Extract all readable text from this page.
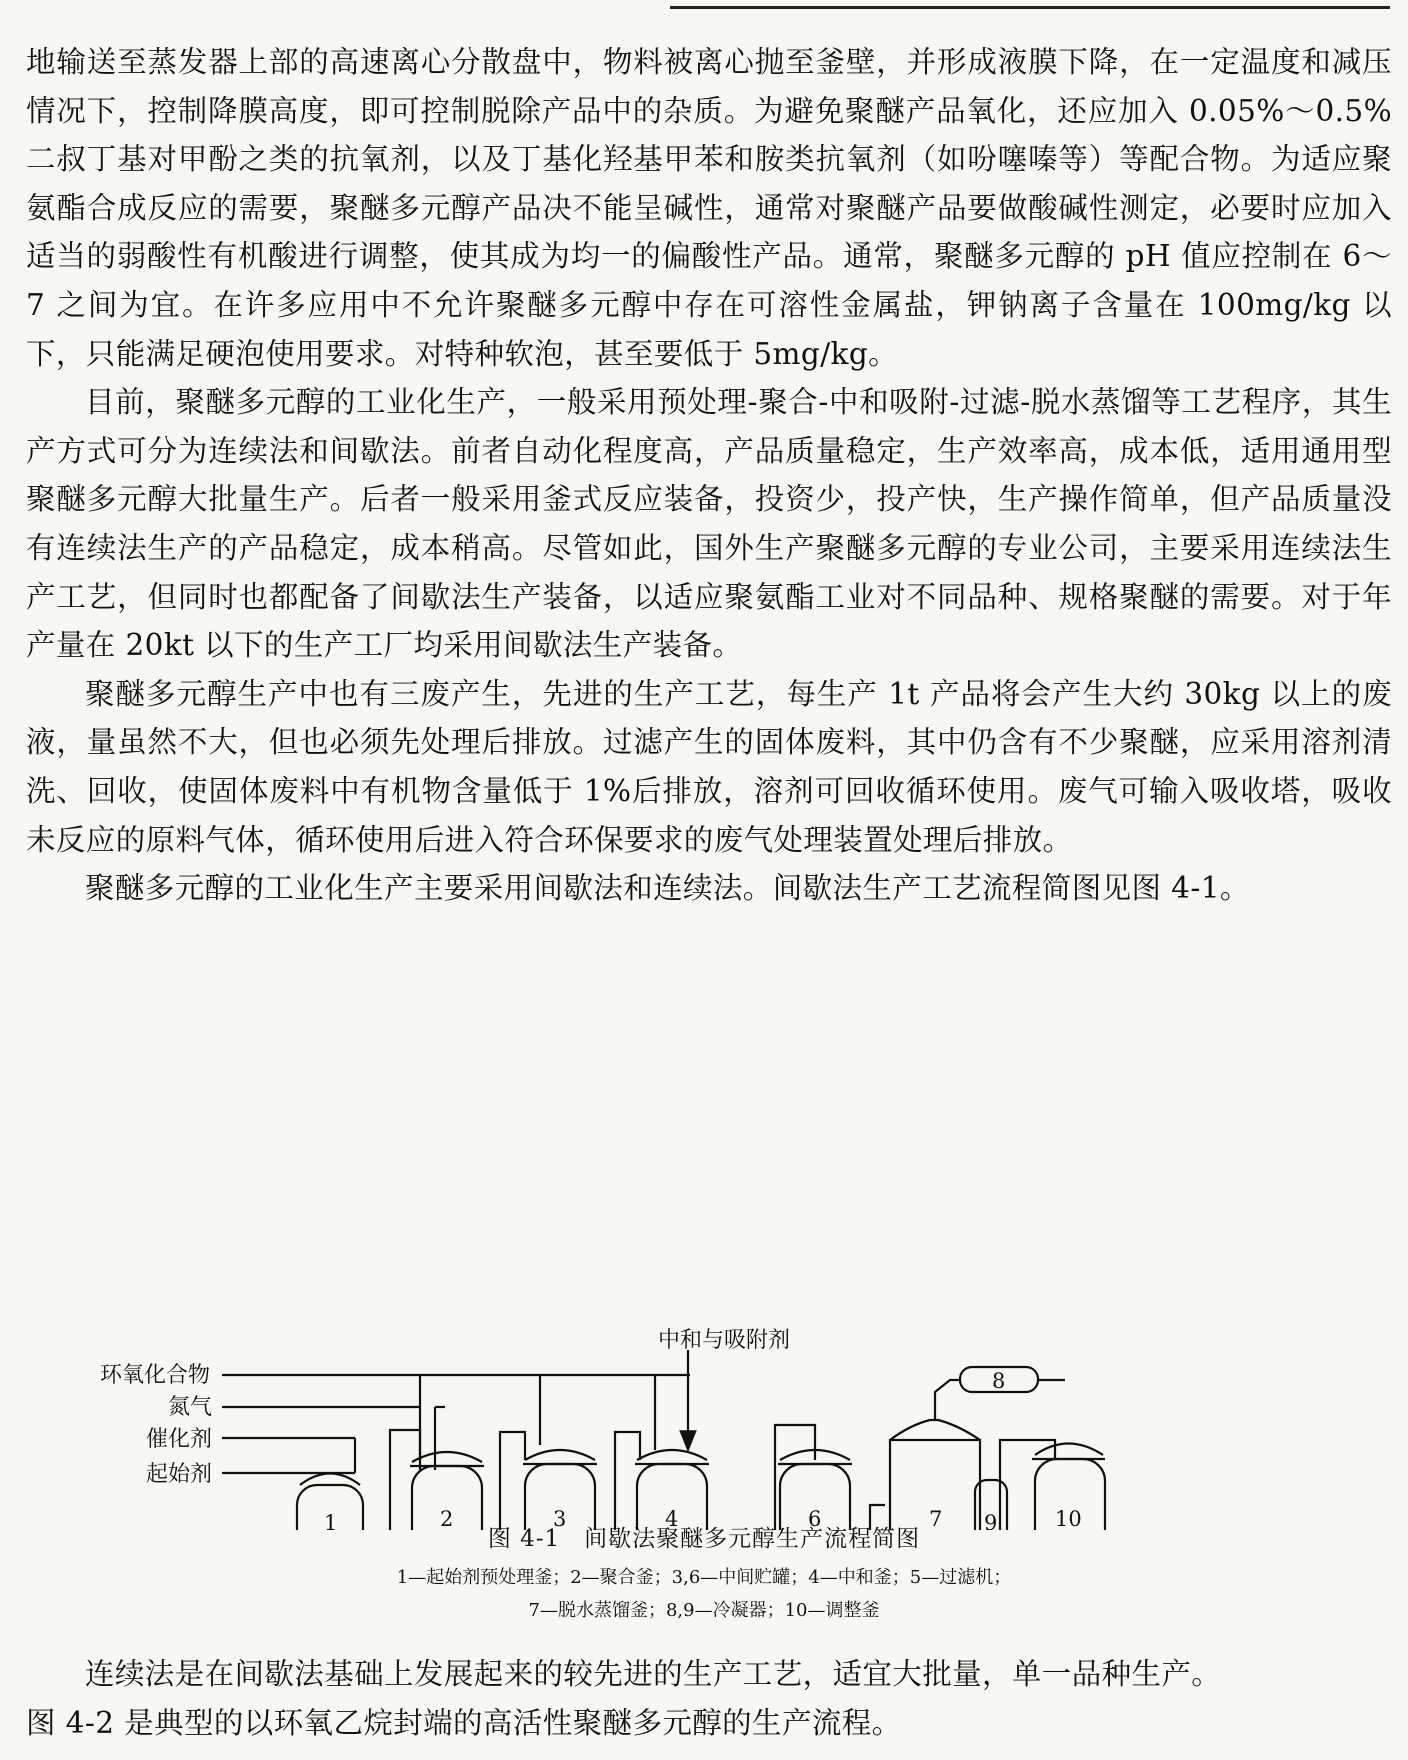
地输送至蒸发器上部的高速离心分散盘中，物料被离心抛至釜壁，并形成液膜下降，在一定温度和减压情况下，控制降膜高度，即可控制脱除产品中的杂质。为避免聚醚产品氧化，还应加入 0.05%～0.5%二叔丁基对甲酚之类的抗氧剂，以及丁基化羟基甲苯和胺类抗氧剂（如吩噻嗪等）等配合物。为适应聚氨酯合成反应的需要，聚醚多元醇产品决不能呈碱性，通常对聚醚产品要做酸碱性测定，必要时应加入适当的弱酸性有机酸进行调整，使其成为均一的偏酸性产品。通常，聚醚多元醇的 pH 值应控制在 6～7 之间为宜。在许多应用中不允许聚醚多元醇中存在可溶性金属盐，钾钠离子含量在 100mg/kg 以下，只能满足硬泡使用要求。对特种软泡，甚至要低于 5mg/kg。

目前，聚醚多元醇的工业化生产，一般采用预处理-聚合-中和吸附-过滤-脱水蒸馏等工艺程序，其生产方式可分为连续法和间歇法。前者自动化程度高，产品质量稳定，生产效率高，成本低，适用通用型聚醚多元醇大批量生产。后者一般采用釜式反应装备，投资少，投产快，生产操作简单，但产品质量没有连续法生产的产品稳定，成本稍高。尽管如此，国外生产聚醚多元醇的专业公司，主要采用连续法生产工艺，但同时也都配备了间歇法生产装备，以适应聚氨酯工业对不同品种、规格聚醚的需要。对于年产量在 20kt 以下的生产工厂均采用间歇法生产装备。

聚醚多元醇生产中也有三废产生，先进的生产工艺，每生产 1t 产品将会产生大约 30kg 以上的废液，量虽然不大，但也必须先处理后排放。过滤产生的固体废料，其中仍含有不少聚醚，应采用溶剂清洗、回收，使固体废料中有机物含量低于 1%后排放，溶剂可回收循环使用。废气可输入吸收塔，吸收未反应的原料气体，循环使用后进入符合环保要求的废气处理装置处理后排放。

聚醚多元醇的工业化生产主要采用间歇法和连续法。间歇法生产工艺流程简图见图 4-1。

环氧化合物
氮气
催化剂
起始剂
中和与吸附剂
1	2	3	4	6	7
8
9	10
图 4-1　间歇法聚醚多元醇生产流程简图
1—起始剂预处理釜；2—聚合釜；3,6—中间贮罐；4—中和釜；5—过滤机；
7—脱水蒸馏釜；8,9—冷凝器；10—调整釜

连续法是在间歇法基础上发展起来的较先进的生产工艺，适宜大批量，单一品种生产。

图 4-2 是典型的以环氧乙烷封端的高活性聚醚多元醇的生产流程。
